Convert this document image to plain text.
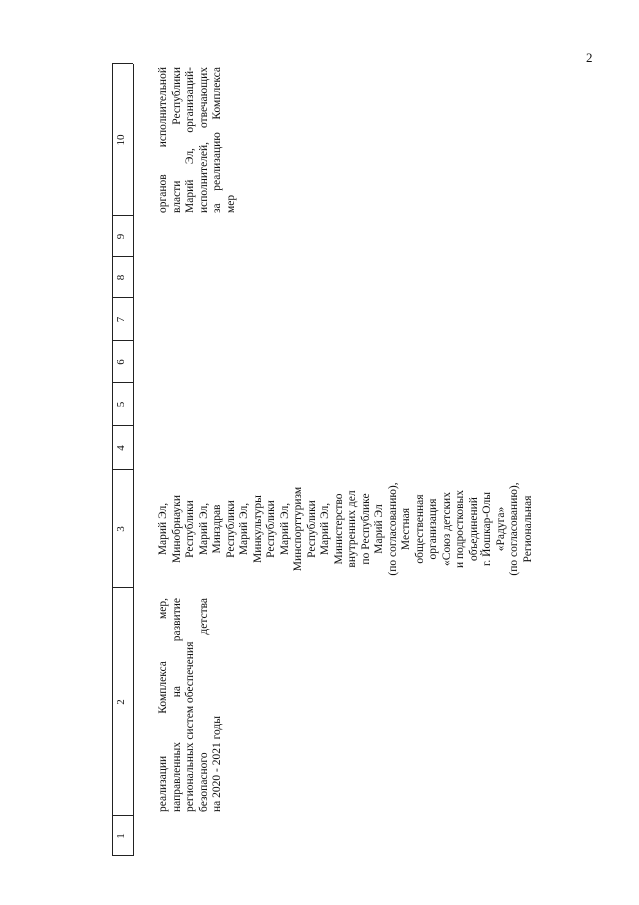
2
1
2
3
4
5
6
7
8
9
10
реализации
Комплекса
мер,
направленных
на
развитие
региональных систем обеспечения безопасного
детства
на 2020 - 2021 годы
Марий Эл, Минобрнауки Республики Марий Эл, Минздрав Республики Марий Эл, Минкультуры Республики Марий Эл, Минспорттуризм Республики Марий Эл, Министерство внутренних дел по Республике Марий Эл (по согласованию), Местная общественная организация «Союз детских и подростковых объединений г. Йошкар-Олы «Радуга» (по согласованию), Региональная
органов
исполнительной
власти
Республики
Марий
Эл,
организаций-
исполнителей,
отвечающих
за
реализацию
Комплекса
мер
